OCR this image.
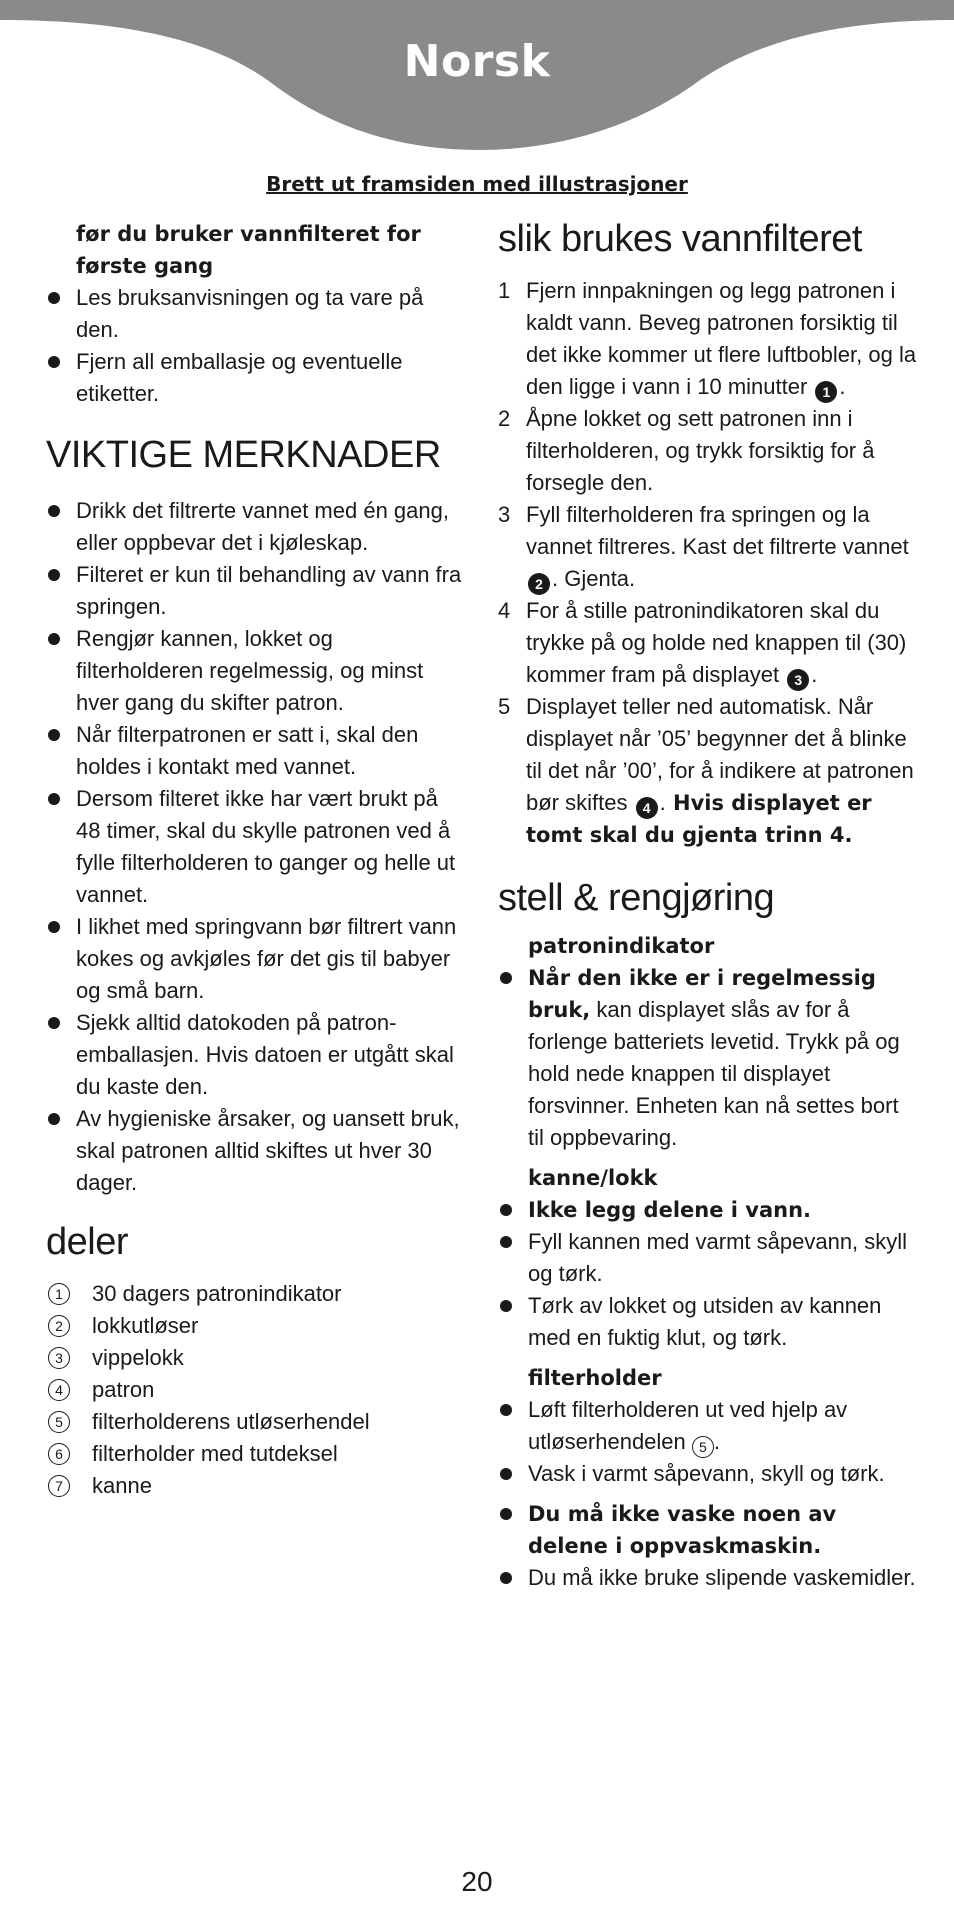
Norsk
Brett ut framsiden med illustrasjoner

før du bruker vannfilteret for første gang

Les bruksanvisningen og ta vare på den.
Fjern all emballasje og eventuelle etiketter.
VIKTIGE MERKNADER
Drikk det filtrerte vannet med én gang, eller oppbevar det i kjøleskap.
Filteret er kun til behandling av vann fra springen.
Rengjør kannen, lokket og filterholderen regelmessig, og minst hver gang du skifter patron.
Når filterpatronen er satt i, skal den holdes i kontakt med vannet.
Dersom filteret ikke har vært brukt på 48 timer, skal du skylle patronen ved å fylle filterholderen to ganger og helle ut vannet.
I likhet med springvann bør filtrert vann kokes og avkjøles før det gis til babyer og små barn.
Sjekk alltid datokoden på patron-emballasjen. Hvis datoen er utgått skal du kaste den.
Av hygieniske årsaker, og uansett bruk, skal patronen alltid skiftes ut hver 30 dager.
deler
1	30 dagers patronindikator
2	lokkutløser
3	vippelokk
4	patron
5	filterholderens utløserhendel
6	filterholder med tutdeksel
7	kanne
slik brukes vannfilteret
1 Fjern innpakningen og legg patronen i kaldt vann. Beveg patronen forsiktig til det ikke kommer ut flere luftbobler, og la den ligge i vann i 10 minutter 1 .
2 Åpne lokket og sett patronen inn i filterholderen, og trykk forsiktig for å forsegle den.
3 Fyll filterholderen fra springen og la vannet filtreres. Kast det filtrerte vannet 2 . Gjenta.
4 For å stille patronindikatoren skal du trykke på og holde ned knappen til (30) kommer fram på displayet 3 .
5 Displayet teller ned automatisk. Når displayet når ’05’ begynner det å blinke til det når ’00’, for å indikere at patronen bør skiftes 4 . Hvis displayet er tomt skal du gjenta trinn 4.
stell & rengjøring

patronindikator

Når den ikke er i regelmessig bruk, kan displayet slås av for å forlenge batteriets levetid. Trykk på og hold nede knappen til displayet forsvinner. Enheten kan nå settes bort til oppbevaring.

kanne/lokk

Ikke legg delene i vann.
Fyll kannen med varmt såpevann, skyll og tørk.
Tørk av lokket og utsiden av kannen med en fuktig klut, og tørk.

filterholder

Løft filterholderen ut ved hjelp av utløserhendelen 5 .
Vask i varmt såpevann, skyll og tørk.
Du må ikke vaske noen av delene i oppvaskmaskin.
Du må ikke bruke slipende vaskemidler.
20
